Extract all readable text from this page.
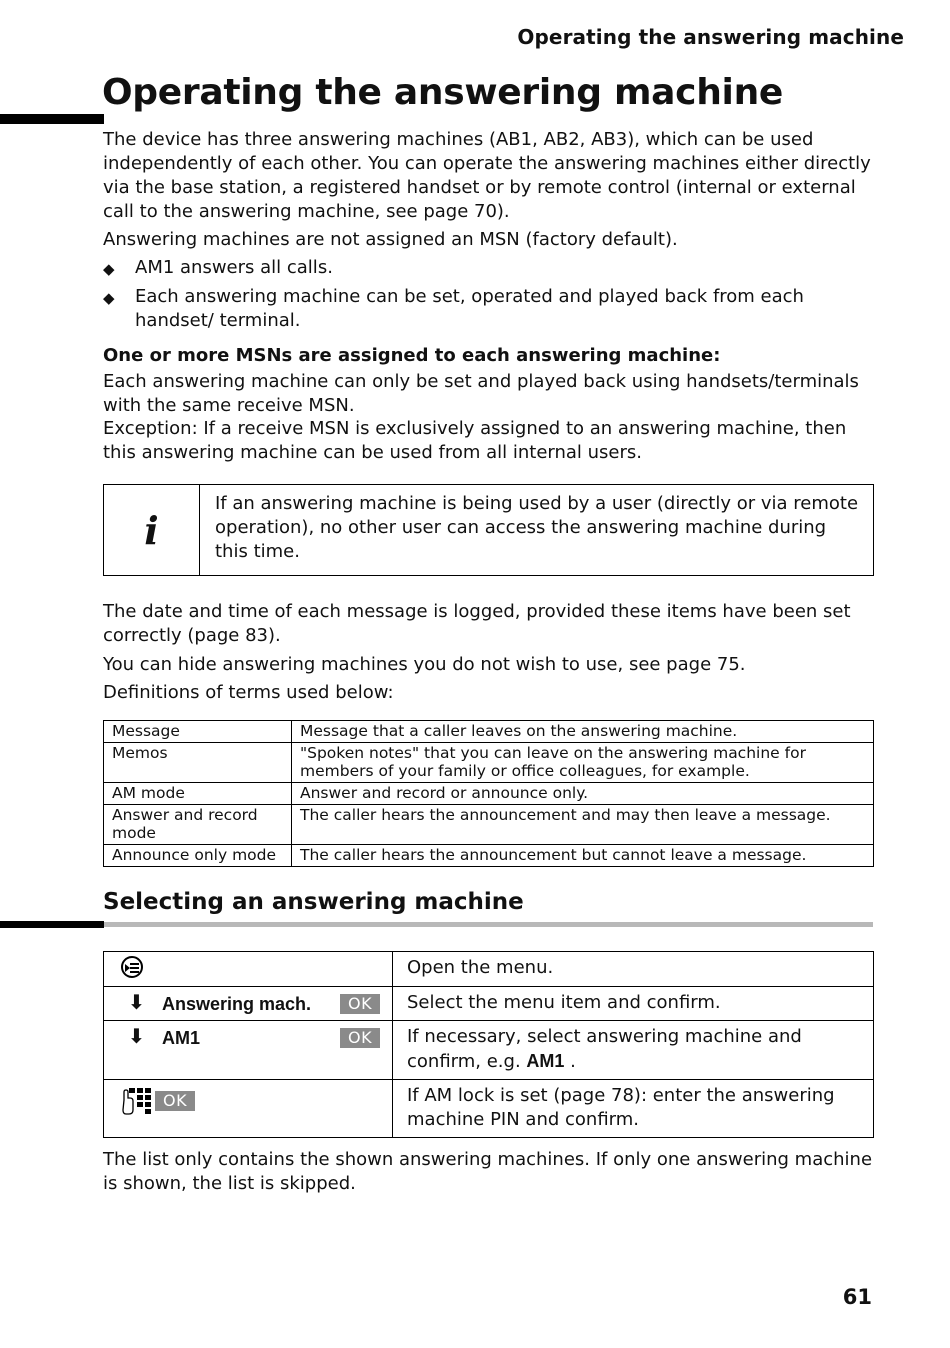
Operating the answering machine
Operating the answering machine
The device has three answering machines (AB1, AB2, AB3), which can be used independently of each other. You can operate the answering machines either directly via the base station, a registered handset or by remote control (internal or external call to the answering machine, see page 70).
Answering machines are not assigned an MSN (factory default).
◆	AM1 answers all calls.
◆	Each answering machine can be set, operated and played back from each handset/ terminal.
One or more MSNs are assigned to each answering machine:
Each answering machine can only be set and played back using handsets/terminals with the same receive MSN.
Exception: If a receive MSN is exclusively assigned to an answering machine, then this answering machine can be used from all internal users.
i
If an answering machine is being used by a user (directly or via remote operation), no other user can access the answering machine during this time.
The date and time of each message is logged, provided these items have been set correctly (page 83).
You can hide answering machines you do not wish to use, see page 75.
Definitions of terms used below:
Message	Message that a caller leaves on the answering machine.
Memos	"Spoken notes" that you can leave on the answering machine for members of your family or office colleagues, for example.
AM mode	Answer and record or announce only.
Answer and record mode	The caller hears the announcement and may then leave a message.
Announce only mode	The caller hears the announcement but cannot leave a message.
Selecting an answering machine
	Open the menu.

⬇ Answering mach. OK	Select the menu item and confirm.

⬇ AM1 OK	If necessary, select answering machine and confirm, e.g. AM1 .

OK	If AM lock is set (page 78): enter the answering machine PIN and confirm.
The list only contains the shown answering machines. If only one answering machine is shown, the list is skipped.
61
